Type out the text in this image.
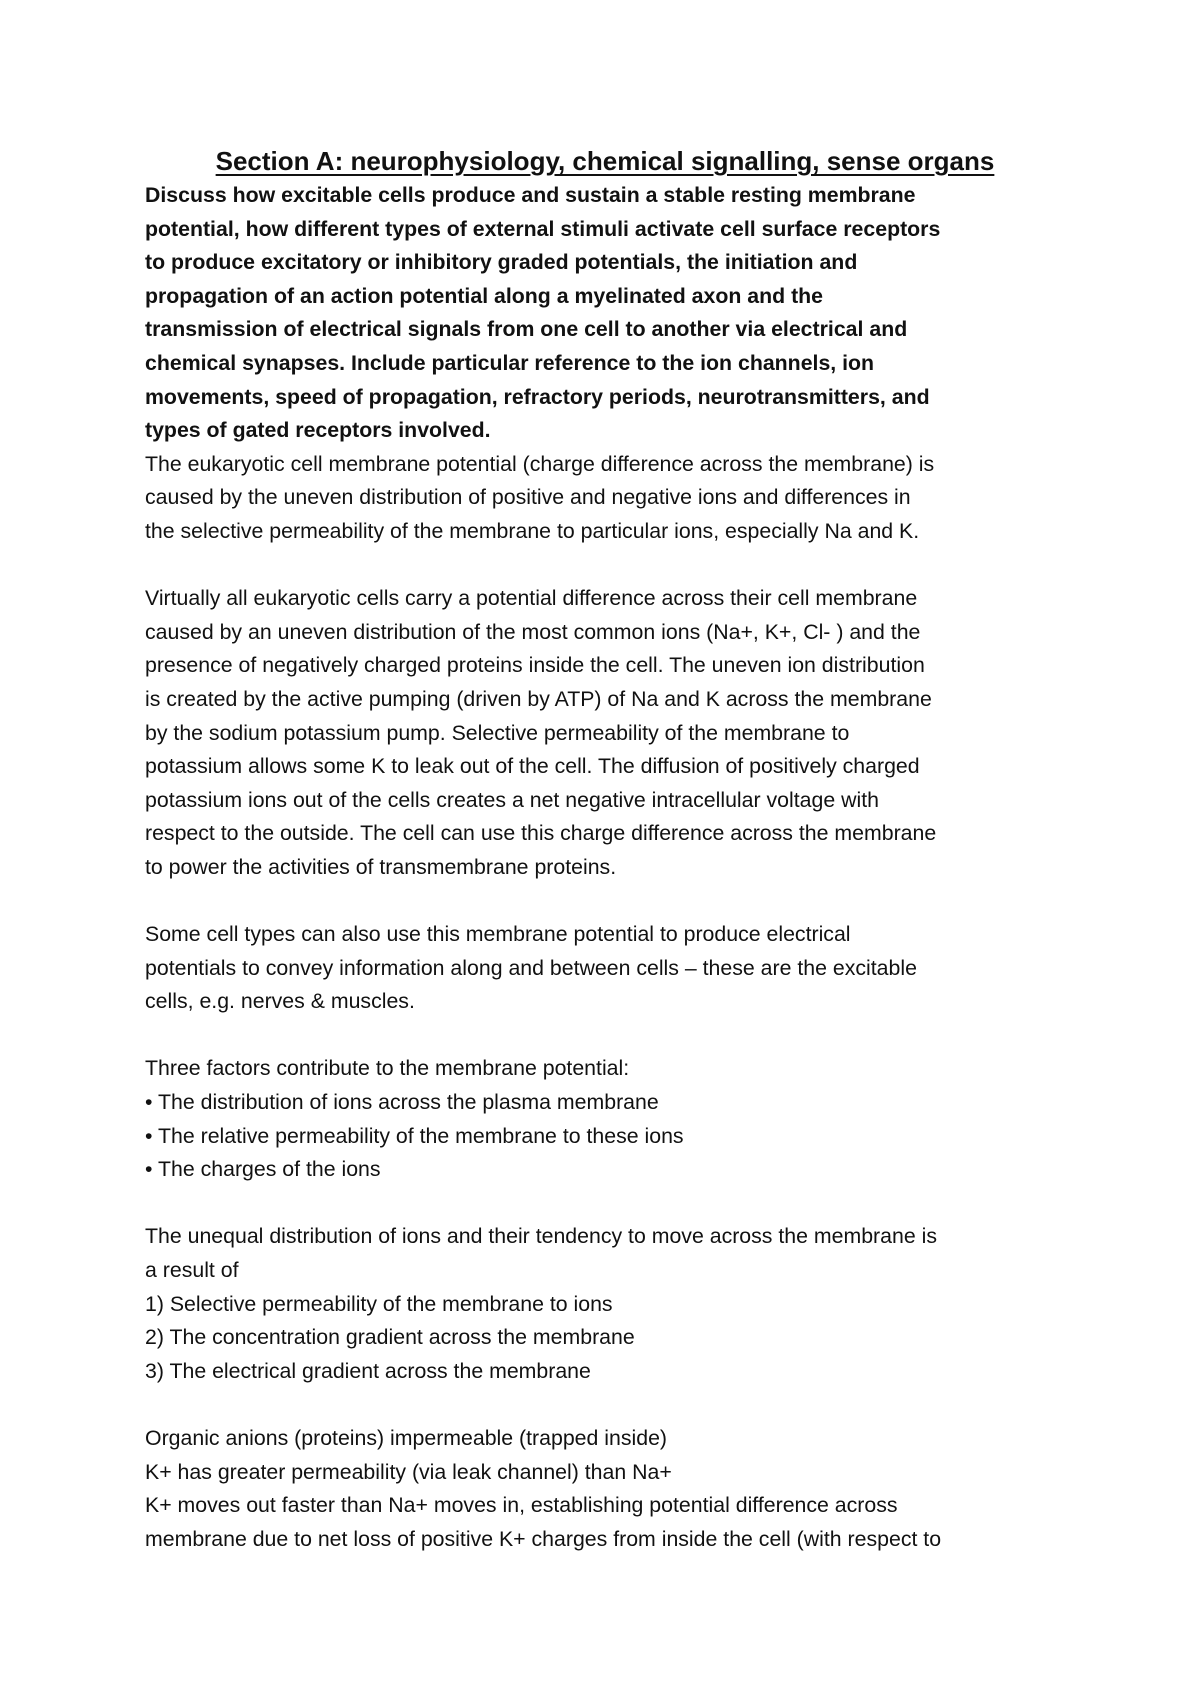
Section A: neurophysiology, chemical signalling, sense organs

Discuss how excitable cells produce and sustain a stable resting membrane
potential, how different types of external stimuli activate cell surface receptors
to produce excitatory or inhibitory graded potentials, the initiation and
propagation of an action potential along a myelinated axon and the
transmission of electrical signals from one cell to another via electrical and
chemical synapses. Include particular reference to the ion channels, ion
movements, speed of propagation, refractory periods, neurotransmitters, and
types of gated receptors involved.

The eukaryotic cell membrane potential (charge difference across the membrane) is
caused by the uneven distribution of positive and negative ions and differences in
the selective permeability of the membrane to particular ions, especially Na and K.

Virtually all eukaryotic cells carry a potential difference across their cell membrane
caused by an uneven distribution of the most common ions (Na+, K+, Cl- ) and the
presence of negatively charged proteins inside the cell. The uneven ion distribution
is created by the active pumping (driven by ATP) of Na and K across the membrane
by the sodium potassium pump. Selective permeability of the membrane to
potassium allows some K to leak out of the cell. The diffusion of positively charged
potassium ions out of the cells creates a net negative intracellular voltage with
respect to the outside. The cell can use this charge difference across the membrane
to power the activities of transmembrane proteins.

Some cell types can also use this membrane potential to produce electrical
potentials to convey information along and between cells – these are the excitable
cells, e.g. nerves & muscles.

Three factors contribute to the membrane potential:
• The distribution of ions across the plasma membrane
• The relative permeability of the membrane to these ions
• The charges of the ions

The unequal distribution of ions and their tendency to move across the membrane is
a result of
1) Selective permeability of the membrane to ions
2) The concentration gradient across the membrane
3) The electrical gradient across the membrane

Organic anions (proteins) impermeable (trapped inside)
K+ has greater permeability (via leak channel) than Na+
K+ moves out faster than Na+ moves in, establishing potential difference across
membrane due to net loss of positive K+ charges from inside the cell (with respect to
